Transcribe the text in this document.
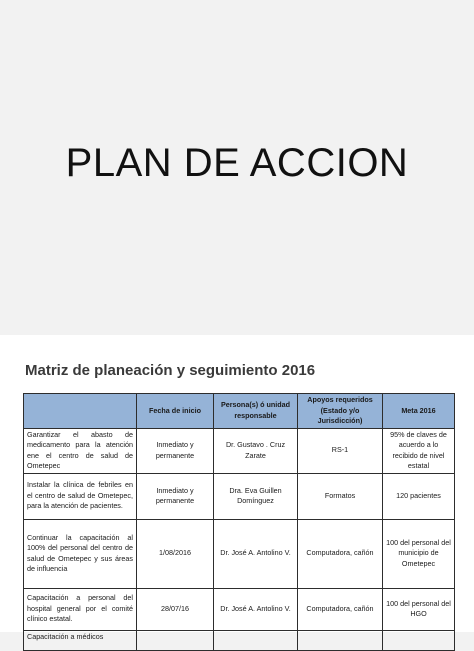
PLAN DE ACCION
Matriz de planeación y seguimiento 2016
	Fecha de inicio	Persona(s) ó unidad responsable	Apoyos requeridos (Estado y/o Jurisdicción)	Meta 2016
Garantizar el abasto de medicamento para la atención ene el centro de salud de Ometepec	Inmediato y permanente	Dr. Gustavo . Cruz Zarate	RS-1	95% de claves de acuerdo a lo recibido de nivel estatal
Instalar la clínica de febriles en el centro de salud de Ometepec, para la atención de pacientes.	Inmediato y permanente	Dra. Eva Guillen Domínguez	Formatos	120 pacientes
Continuar la capacitación al 100% del personal del centro de salud de Ometepec y sus áreas de influencia	1/08/2016	Dr. José A. Antolino V.	Computadora, cañón	100 del personal del municipio de Ometepec
Capacitación a personal del hospital general por el comité clínico estatal.	28/07/16	Dr. José A. Antolino V.	Computadora, cañón	100 del personal del HGO
Capacitación a médicos				
